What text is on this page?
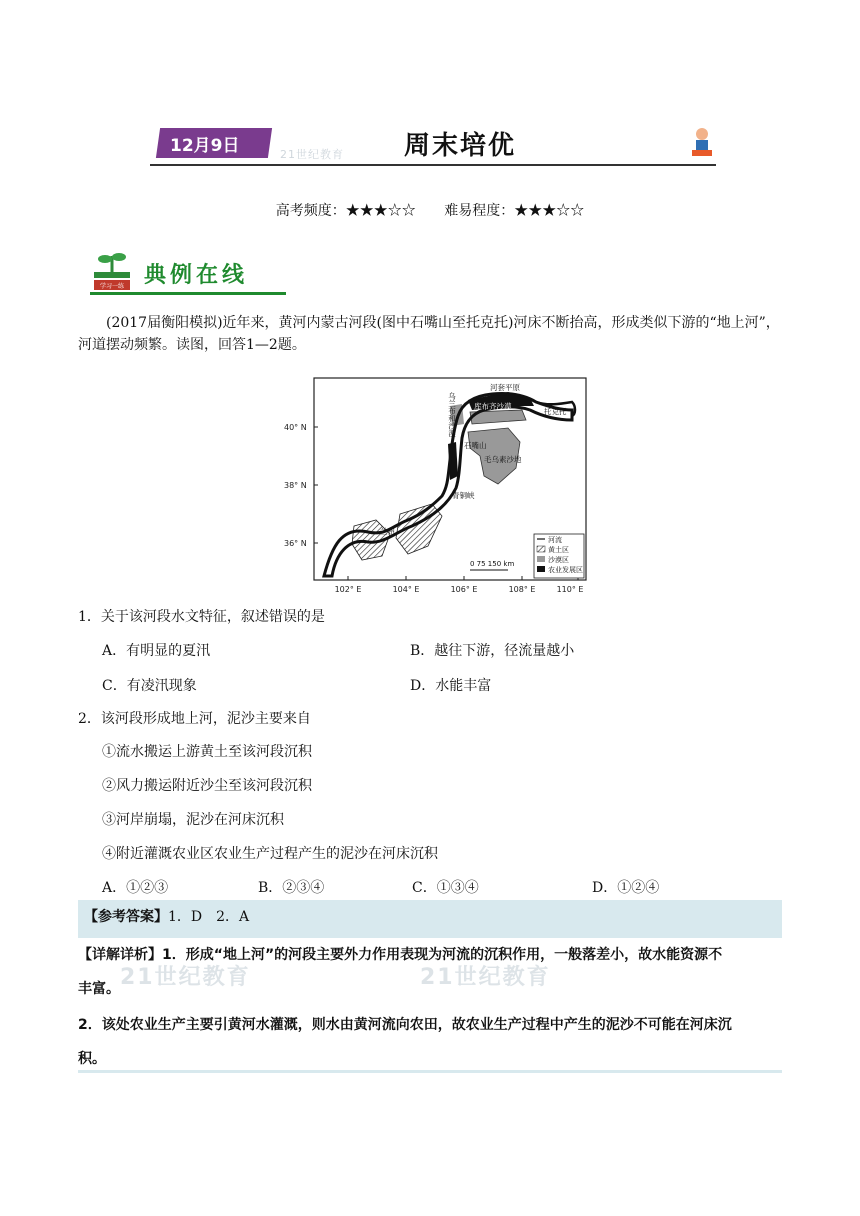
12月9日	21世纪教育 周末培优
高考频度：★★★☆☆ 难易程度：★★★☆☆
学习一练 典例在线
(2017届衡阳模拟)近年来，黄河内蒙古河段(图中石嘴山至托克托)河床不断抬高，形成类似下游的“地上河”，河道摆动频繁。读图，回答1—2题。
40° N
38° N
36° N
102° E	104° E	106° E	108° E	110° E
河套平原
库布齐沙漠
托克托
石嘴山
毛乌素沙地
青铜峡
兰州
乌兰布和沙漠
0 75 150 km
河流
黄土区
沙漠区
农业发展区
1．关于该河段水文特征，叙述错误的是
A．有明显的夏汛	B．越往下游，径流量越小
C．有凌汛现象	D．水能丰富
2．该河段形成地上河，泥沙主要来自
①流水搬运上游黄土至该河段沉积
②风力搬运附近沙尘至该河段沉积
③河岸崩塌，泥沙在河床沉积
④附近灌溉农业区农业生产过程产生的泥沙在河床沉积
A．①②③	B．②③④	C．①③④	D．①②④
【参考答案】1．D　2．A
21世纪教育	21世纪教育
【详解详析】1．形成“地上河”的河段主要外力作用表现为河流的沉积作用，一般落差小，故水能资源不
丰富。
2．该处农业生产主要引黄河水灌溉，则水由黄河流向农田，故农业生产过程中产生的泥沙不可能在河床沉
积。
